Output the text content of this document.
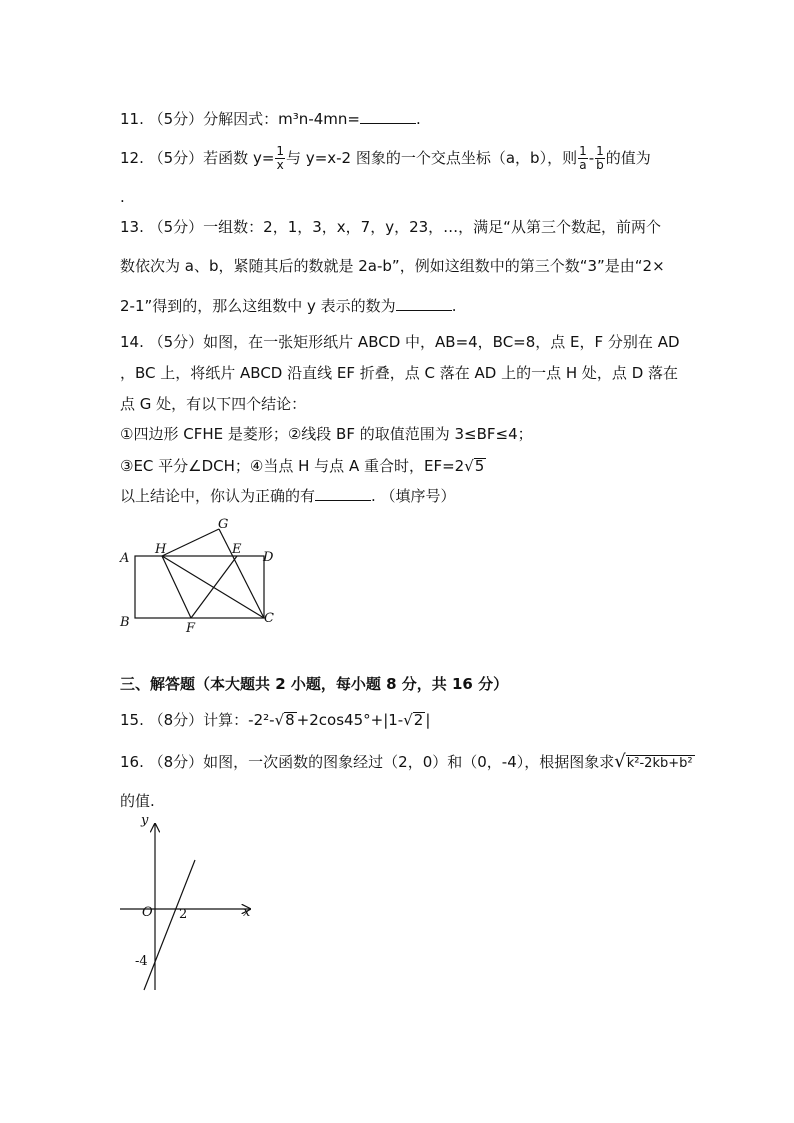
11. （5分）分解因式：m³n-4mn=	.
12. （5分）若函数 $y= \frac{1}{x}$ 与 y=x-2 图象的一个交点坐标（a，b），则 $\frac{1}{a} - \frac{1}{b}$ 的值为
.
13. （5分）一组数：2，1，3，x，7，y，23，…，满足“从第三个数起，前两个
数依次为 a、b，紧随其后的数就是 2a-b”，例如这组数中的第三个数“3”是由“2×
2-1”得到的，那么这组数中 y 表示的数为	.
14. （5分）如图，在一张矩形纸片 ABCD 中，AB=4，BC=8，点 E，F 分别在 AD
，BC 上，将纸片 ABCD 沿直线 EF 折叠，点 C 落在 AD 上的一点 H 处，点 D 落在
点 G 处，有以下四个结论：
①四边形 CFHE 是菱形；②线段 BF 的取值范围为 3≤BF≤4；
③EC 平分∠DCH；④当点 H 与点 A 重合时，EF=2√5
以上结论中，你认为正确的有	. （填序号）
A
B	C
D
E
F
G
H
三、解答题（本大题共 2 小题，每小题 8 分，共 16 分）
15. （8分）计算：-2²-√8 +2cos45°+|1-√2 |
16. （8分）如图，一次函数的图象经过（2，0）和（0，-4），根据图象求√k²-2kb+b²
的值.
y
x
O 2
-4
